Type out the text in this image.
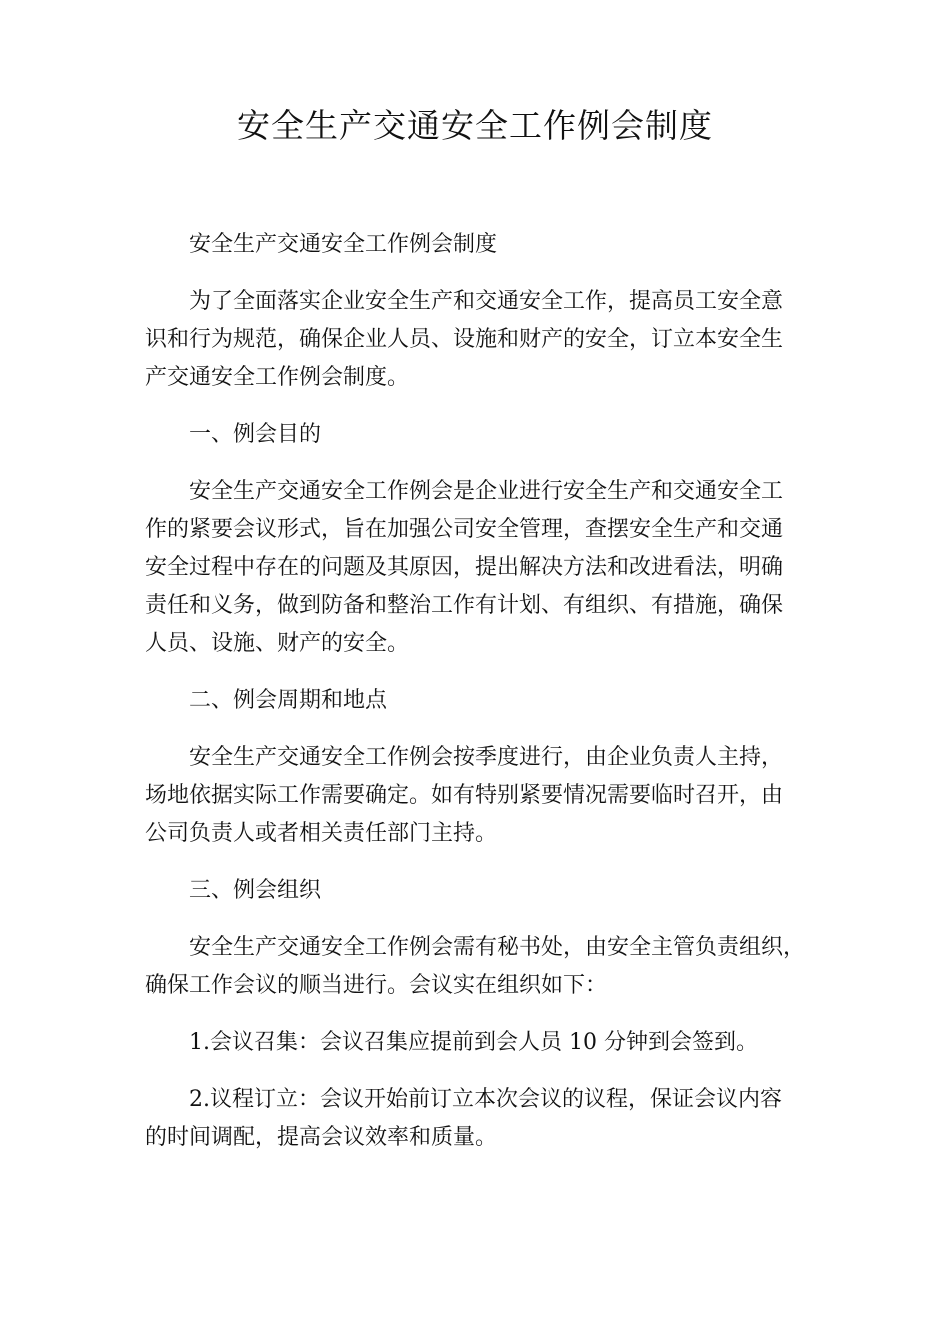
安全生产交通安全工作例会制度
安全生产交通安全工作例会制度
为了全面落实企业安全生产和交通安全工作，提高员工安全意
识和行为规范，确保企业人员、设施和财产的安全，订立本安全生
产交通安全工作例会制度。
一、例会目的
安全生产交通安全工作例会是企业进行安全生产和交通安全工
作的紧要会议形式，旨在加强公司安全管理，查摆安全生产和交通
安全过程中存在的问题及其原因，提出解决方法和改进看法，明确
责任和义务，做到防备和整治工作有计划、有组织、有措施，确保
人员、设施、财产的安全。
二、例会周期和地点
安全生产交通安全工作例会按季度进行，由企业负责人主持，
场地依据实际工作需要确定。如有特别紧要情况需要临时召开，由
公司负责人或者相关责任部门主持。
三、例会组织
安全生产交通安全工作例会需有秘书处，由安全主管负责组织，
确保工作会议的顺当进行。会议实在组织如下：
1.会议召集：会议召集应提前到会人员 10 分钟到会签到。
2.议程订立：会议开始前订立本次会议的议程，保证会议内容
的时间调配，提高会议效率和质量。
